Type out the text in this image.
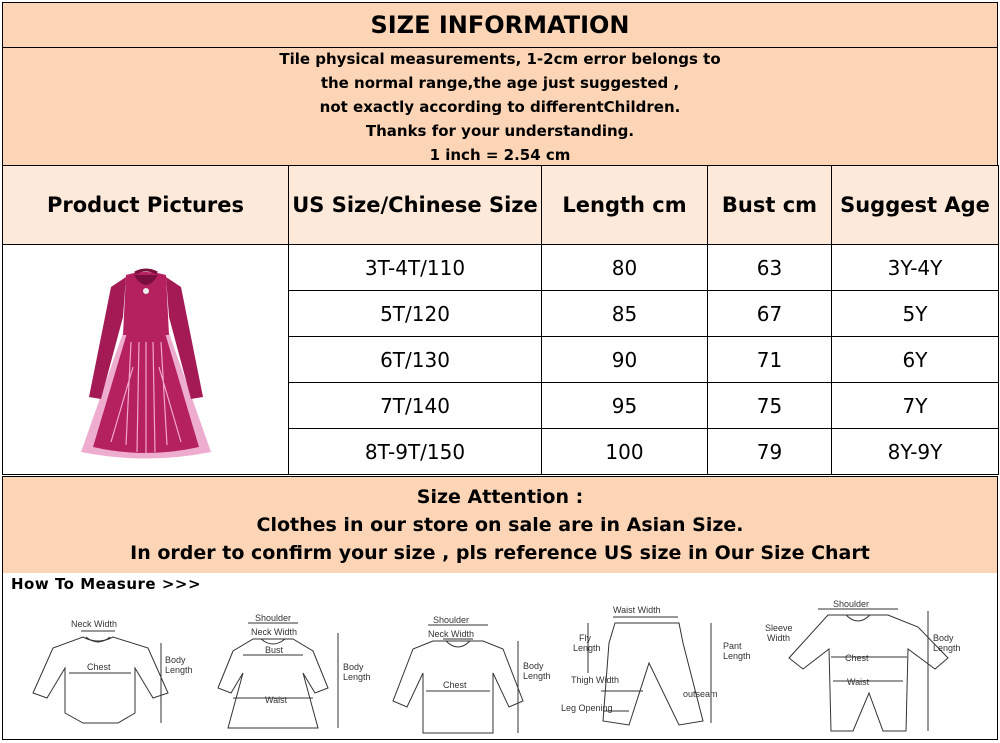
SIZE INFORMATION
Tile physical measurements, 1-2cm error belongs to
the normal range,the age just suggested ,
not exactly according to differentChildren.
Thanks for your understanding.
1 inch = 2.54 cm
Product Pictures	US Size/Chinese Size	Length cm	Bust cm	Suggest Age
	3T-4T/110	80	63	3Y-4Y
	5T/120	85	67	5Y
	6T/130	90	71	6Y
	7T/140	95	75	7Y
	8T-9T/150	100	79	8Y-9Y
Size Attention :
Clothes in our store on sale are in Asian Size.
In order to confirm your size , pls reference US size in Our Size Chart
How To Measure >>>
Neck Width
Chest
Body
Length
Shoulder
Neck Width
Bust
Waist
Body
Length
Shoulder
Neck Width
Chest
Body
Length
Waist Width
Fly
Length	Pant
Length
Thigh Width
outseam
Leg Opening
Sleeve
Width
Shoulder
Chest
Waist
Body
Length
